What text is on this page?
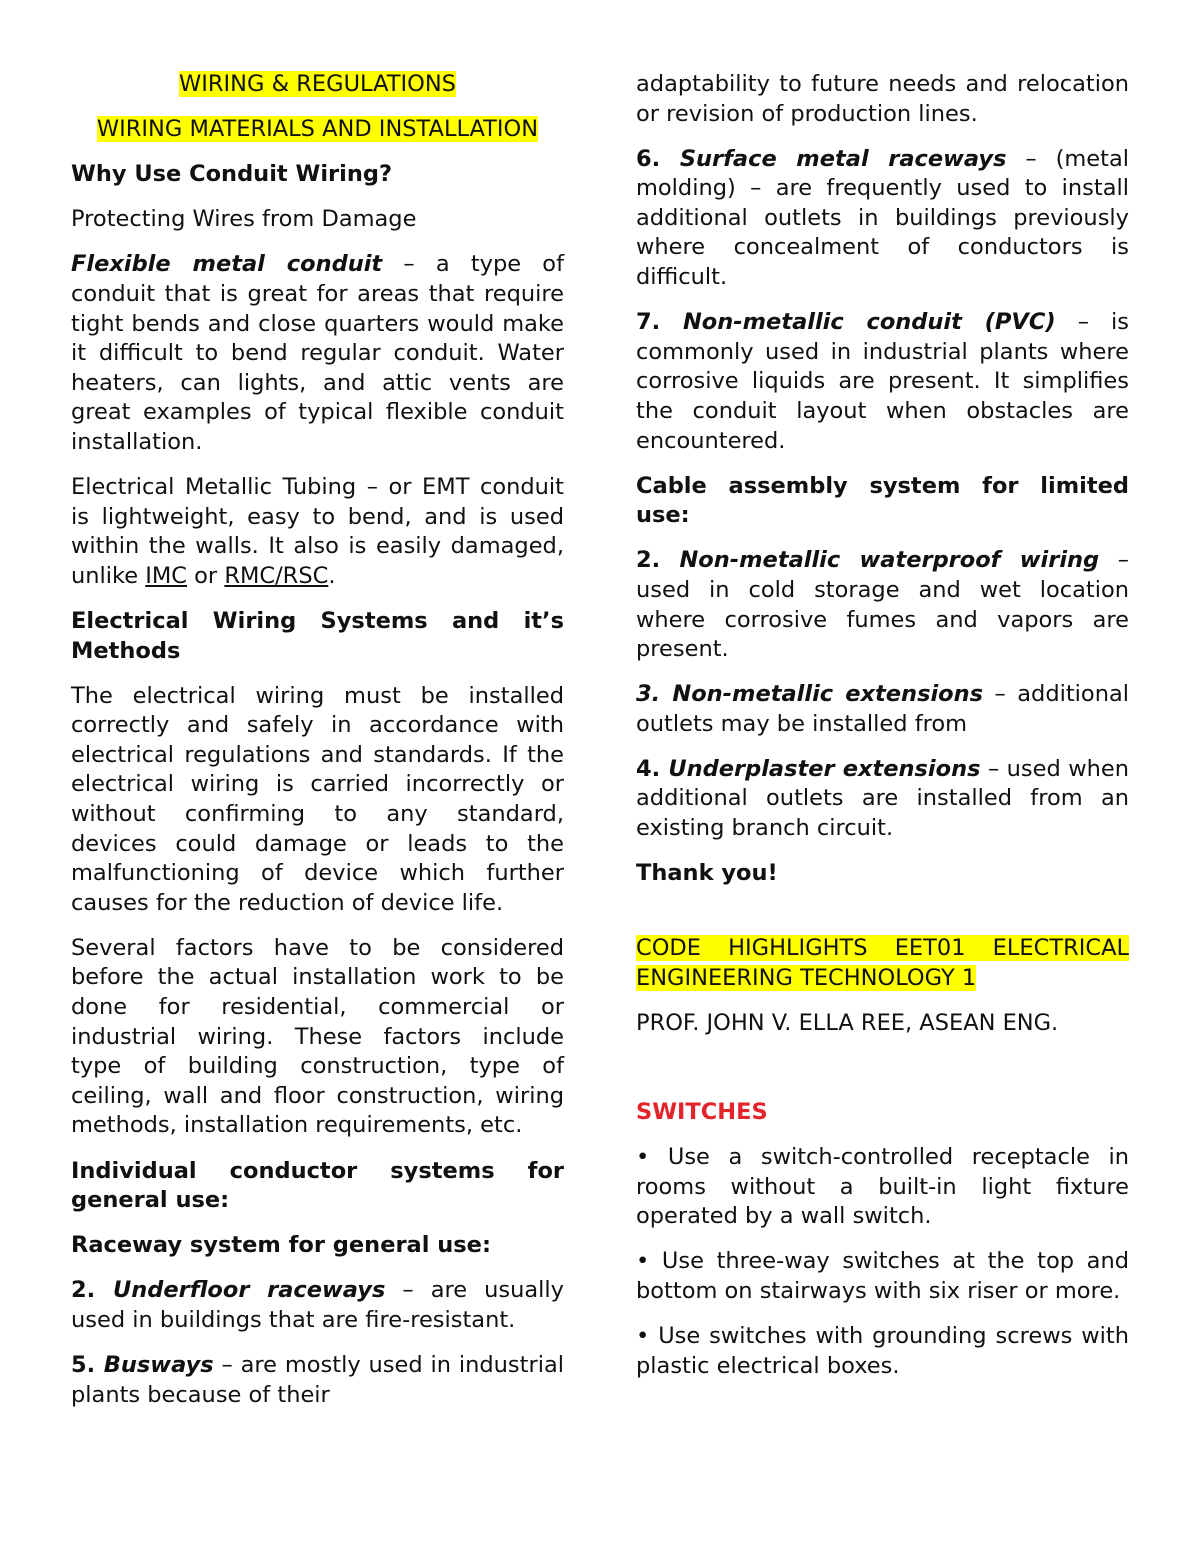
WIRING & REGULATIONS

WIRING MATERIALS AND INSTALLATION

Why Use Conduit Wiring?

Protecting Wires from Damage

Flexible metal conduit – a type of conduit that is great for areas that require tight bends and close quarters would make it difficult to bend regular conduit. Water heaters, can lights, and attic vents are great examples of typical flexible conduit installation.

Electrical Metallic Tubing – or EMT conduit is lightweight, easy to bend, and is used within the walls. It also is easily damaged, unlike IMC or RMC/RSC.

Electrical Wiring Systems and it’s Methods

The electrical wiring must be installed correctly and safely in accordance with electrical regulations and standards. If the electrical wiring is carried incorrectly or without confirming to any standard, devices could damage or leads to the malfunctioning of device which further causes for the reduction of device life.

Several factors have to be considered before the actual installation work to be done for residential, commercial or industrial wiring. These factors include type of building construction, type of ceiling, wall and floor construction, wiring methods, installation requirements, etc.

Individual conductor systems for general use:

Raceway system for general use:

2. Underfloor raceways – are usually used in buildings that are fire-resistant.

5. Busways – are mostly used in industrial plants because of their

adaptability to future needs and relocation or revision of production lines.

6. Surface metal raceways – (metal molding) – are frequently used to install additional outlets in buildings previously where concealment of conductors is difficult.

7. Non-metallic conduit (PVC) – is commonly used in industrial plants where corrosive liquids are present. It simplifies the conduit layout when obstacles are encountered.

Cable assembly system for limited use:

2. Non-metallic waterproof wiring – used in cold storage and wet location where corrosive fumes and vapors are present.

3. Non-metallic extensions – additional outlets may be installed from

4. Underplaster extensions – used when additional outlets are installed from an existing branch circuit.

Thank you!

CODE HIGHLIGHTS EET01 ELECTRICAL ENGINEERING TECHNOLOGY 1

PROF. JOHN V. ELLA REE, ASEAN ENG.

SWITCHES

• Use a switch-controlled receptacle in rooms without a built-in light fixture operated by a wall switch.

• Use three-way switches at the top and bottom on stairways with six riser or more.

• Use switches with grounding screws with plastic electrical boxes.
